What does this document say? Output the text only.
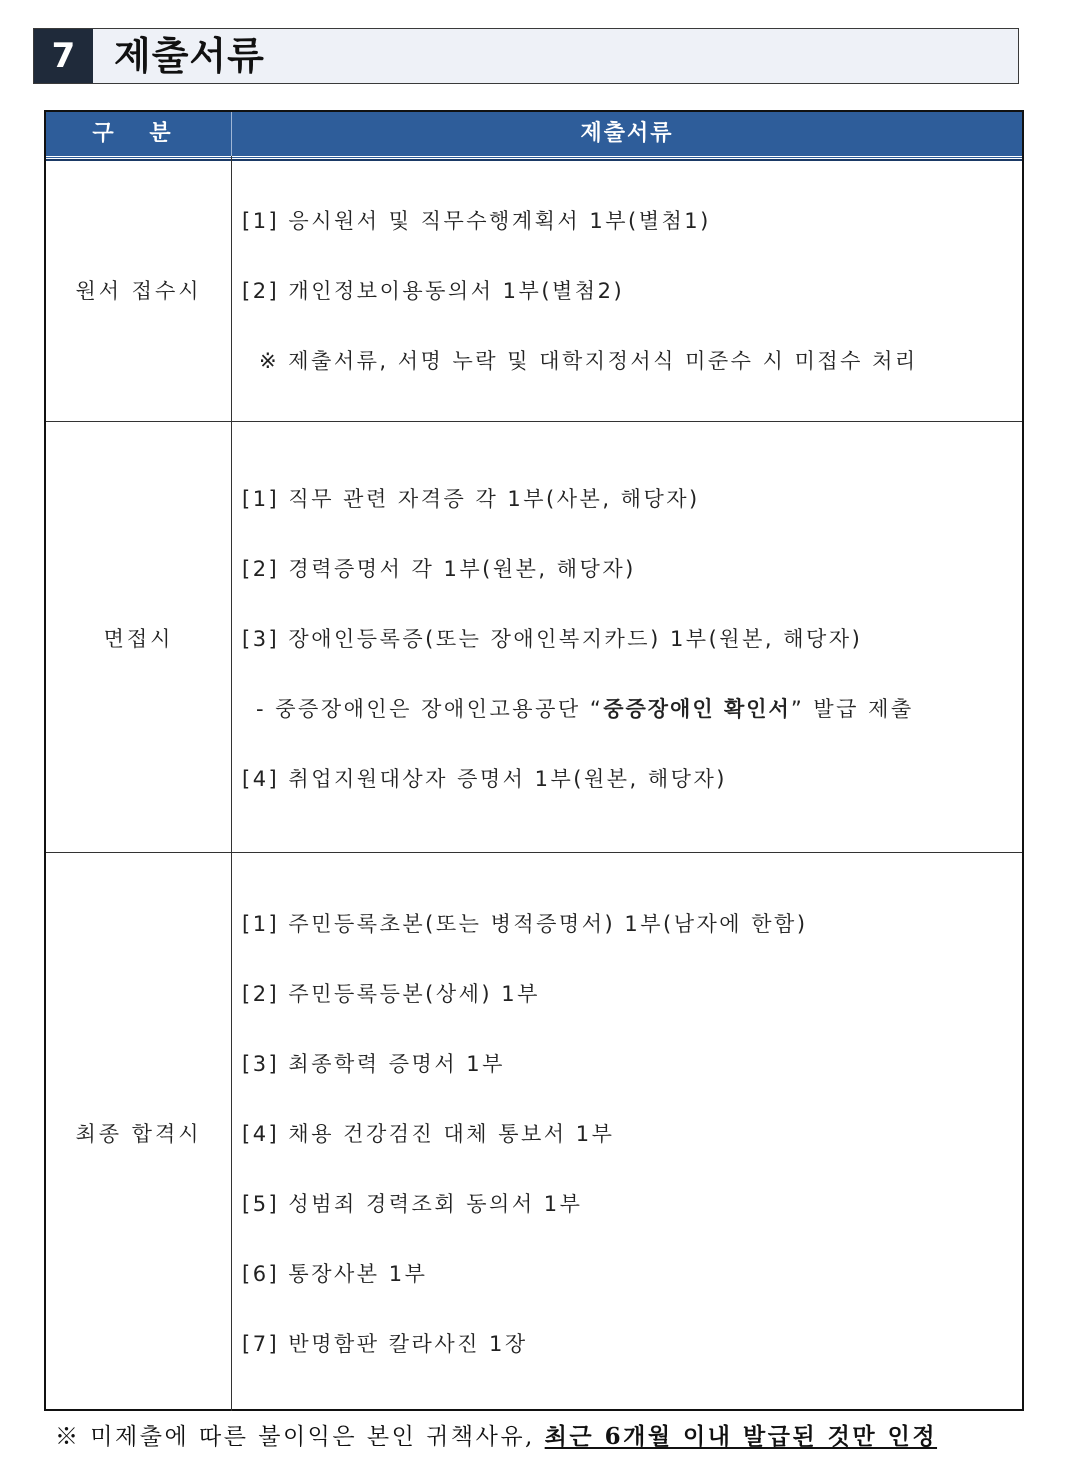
7	제출서류
구 분	제출서류
원서 접수시
[1] 응시원서 및 직무수행계획서 1부(별첨1)
[2] 개인정보이용동의서 1부(별첨2)
※ 제출서류, 서명 누락 및 대학지정서식 미준수 시 미접수 처리
면접시
[1] 직무 관련 자격증 각 1부(사본, 해당자)
[2] 경력증명서 각 1부(원본, 해당자)
[3] 장애인등록증(또는 장애인복지카드) 1부(원본, 해당자)
- 중증장애인은 장애인고용공단 “중증장애인 확인서” 발급 제출
[4] 취업지원대상자 증명서 1부(원본, 해당자)
최종 합격시
[1] 주민등록초본(또는 병적증명서) 1부(남자에 한함)
[2] 주민등록등본(상세) 1부
[3] 최종학력 증명서 1부
[4] 채용 건강검진 대체 통보서 1부
[5] 성범죄 경력조회 동의서 1부
[6] 통장사본 1부
[7] 반명함판 칼라사진 1장
※ 미제출에 따른 불이익은 본인 귀책사유, 최근 6개월 이내 발급된 것만 인정
